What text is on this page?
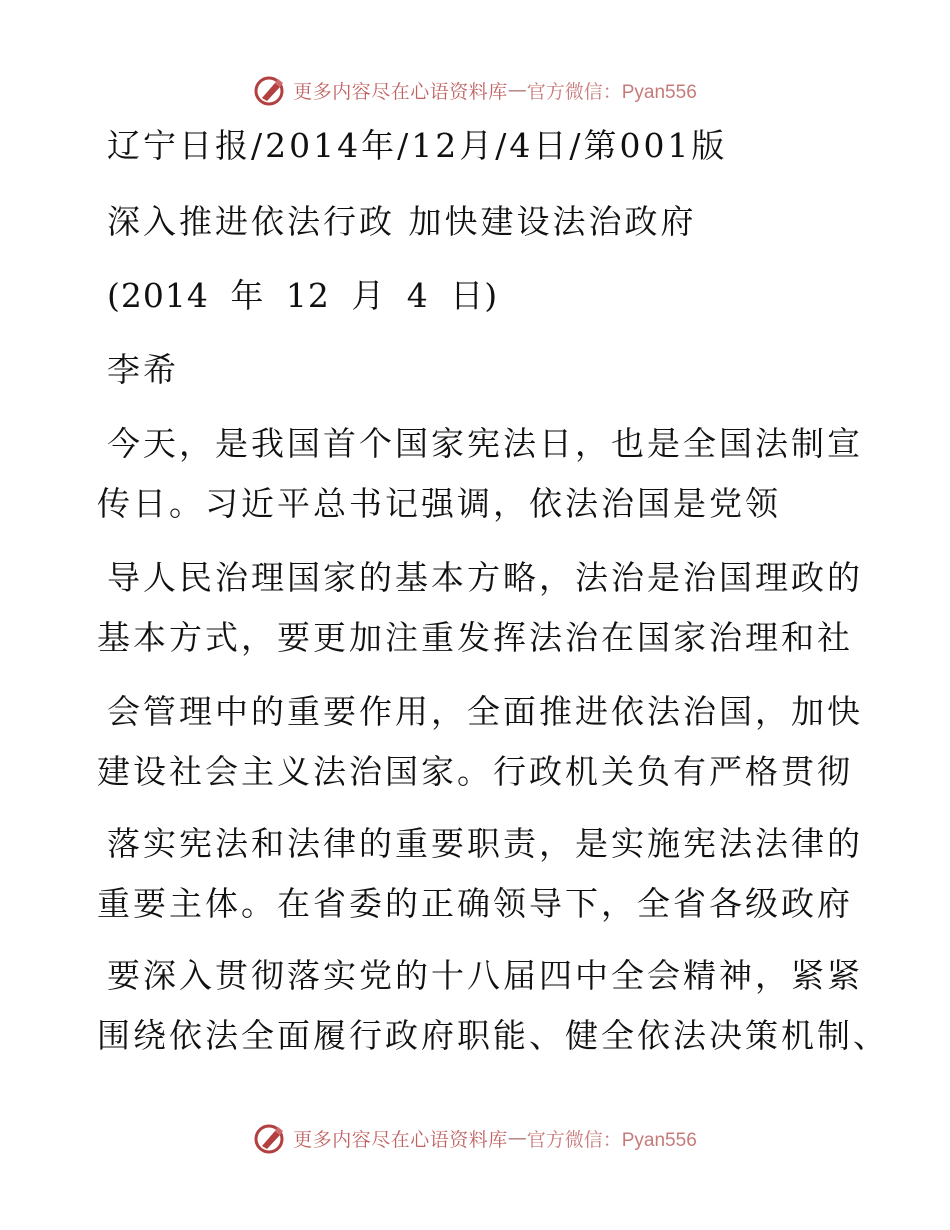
更多内容尽在心语资料库 — 官方微信：Pyan556
辽宁日报/2014年/12月/4日/第001版
深入推进依法行政 加快建设法治政府
(2014 年 12 月 4 日)
李希
今天，是我国首个国家宪法日，也是全国法制宣
传日。习近平总书记强调，依法治国是党领
导人民治理国家的基本方略，法治是治国理政的
基本方式，要更加注重发挥法治在国家治理和社
会管理中的重要作用，全面推进依法治国，加快
建设社会主义法治国家。行政机关负有严格贯彻
落实宪法和法律的重要职责，是实施宪法法律的
重要主体。在省委的正确领导下，全省各级政府
要深入贯彻落实党的十八届四中全会精神，紧紧
围绕依法全面履行政府职能、健全依法决策机制、
更多内容尽在心语资料库 — 官方微信：Pyan556
